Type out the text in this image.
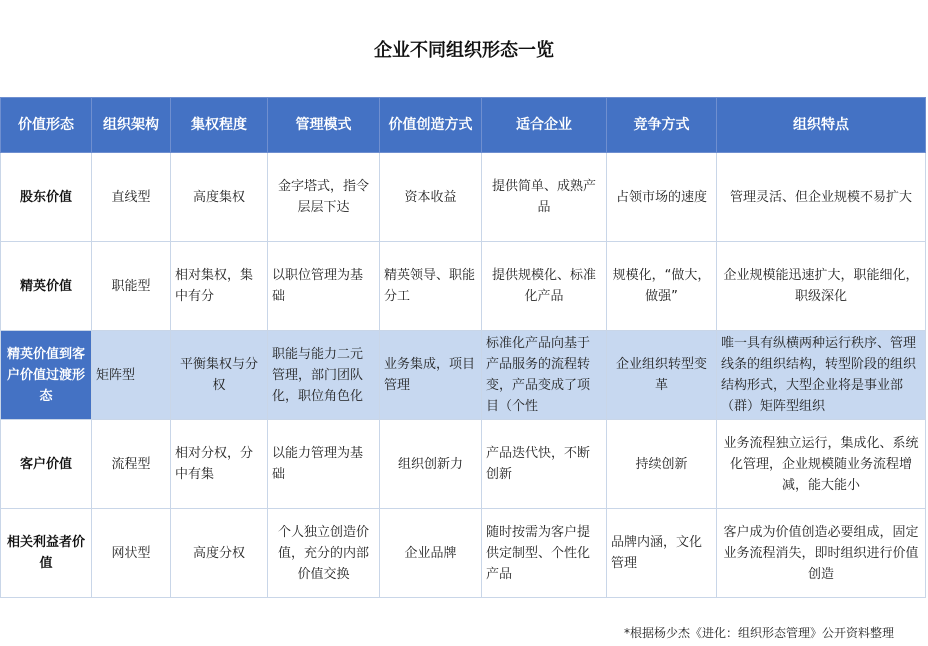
企业不同组织形态一览
价值形态	组织架构	集权程度	管理模式	价值创造方式	适合企业	竞争方式	组织特点
股东价值	直线型	高度集权	金字塔式，指令层层下达	资本收益	提供简单、成熟产品	占领市场的速度	管理灵活、但企业规模不易扩大
精英价值	职能型	相对集权，集中有分	以职位管理为基础	精英领导、职能分工	提供规模化、标准化产品	规模化，“做大，做强”	企业规模能迅速扩大，职能细化，职级深化
精英价值到客户价值过渡形态	矩阵型	平衡集权与分权	职能与能力二元管理，部门团队化，职位角色化	业务集成，项目管理	标准化产品向基于产品服务的流程转变，产品变成了项目（个性	企业组织转型变革	唯一具有纵横两种运行秩序、管理线条的组织结构，转型阶段的组织结构形式，大型企业将是事业部（群）矩阵型组织

客户价值	流程型	相对分权，分中有集	以能力管理为基础	组织创新力	产品迭代快，不断创新	持续创新	业务流程独立运行，集成化、系统化管理，企业规模随业务流程增减，能大能小
相关利益者价值	网状型	高度分权	个人独立创造价值，充分的内部价值交换	企业品牌	随时按需为客户提供定制型、个性化产品	品牌内涵，文化管理	客户成为价值创造必要组成，固定业务流程消失，即时组织进行价值创造
*根据杨少杰《进化：组织形态管理》公开资料整理
